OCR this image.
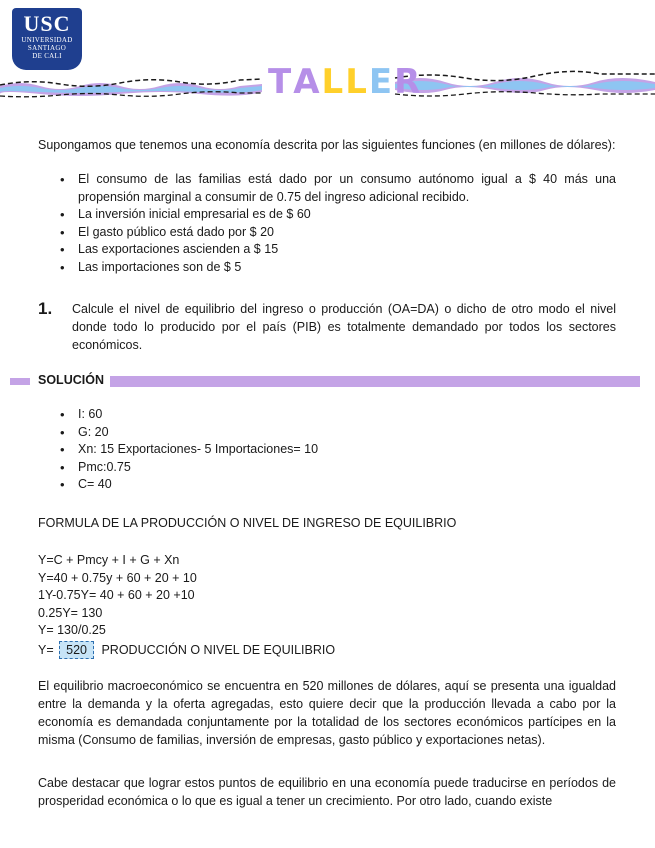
USC
UNIVERSIDAD
SANTIAGO
DE CALI
TALLER

Supongamos que tenemos una economía descrita por las siguientes funciones (en millones de dólares):

• El consumo de las familias está dado por un consumo autónomo igual a $ 40 más una propensión marginal a consumir de 0.75 del ingreso adicional recibido.
• La inversión inicial empresarial es de $ 60
• El gasto público está dado por $ 20
• Las exportaciones ascienden a $ 15
• Las importaciones son de $ 5
1. Calcule el nivel de equilibrio del ingreso o producción (OA=DA) o dicho de otro modo el nivel donde todo lo producido por el país (PIB) es totalmente demandado por todos los sectores económicos.

SOLUCIÓN
• I: 60
• G: 20
• Xn: 15 Exportaciones- 5 Importaciones= 10
• Pmc:0.75
• C= 40

FORMULA DE LA PRODUCCIÓN O NIVEL DE INGRESO DE EQUILIBRIO

Y=C + Pmcy + I + G + Xn

Y=40 + 0.75y + 60 + 20 + 10

1Y-0.75Y= 40 + 60 + 20 +10

0.25Y= 130

Y= 130/0.25

Y= 520 PRODUCCIÓN O NIVEL DE EQUILIBRIO

El equilibrio macroeconómico se encuentra en 520 millones de dólares, aquí se presenta una igualdad entre la demanda y la oferta agregadas, esto quiere decir que la producción llevada a cabo por la economía es demandada conjuntamente por la totalidad de los sectores económicos partícipes en la misma (Consumo de familias, inversión de empresas, gasto público y exportaciones netas).

Cabe destacar que lograr estos puntos de equilibrio en una economía puede traducirse en períodos de prosperidad económica o lo que es igual a tener un crecimiento. Por otro lado, cuando existe
